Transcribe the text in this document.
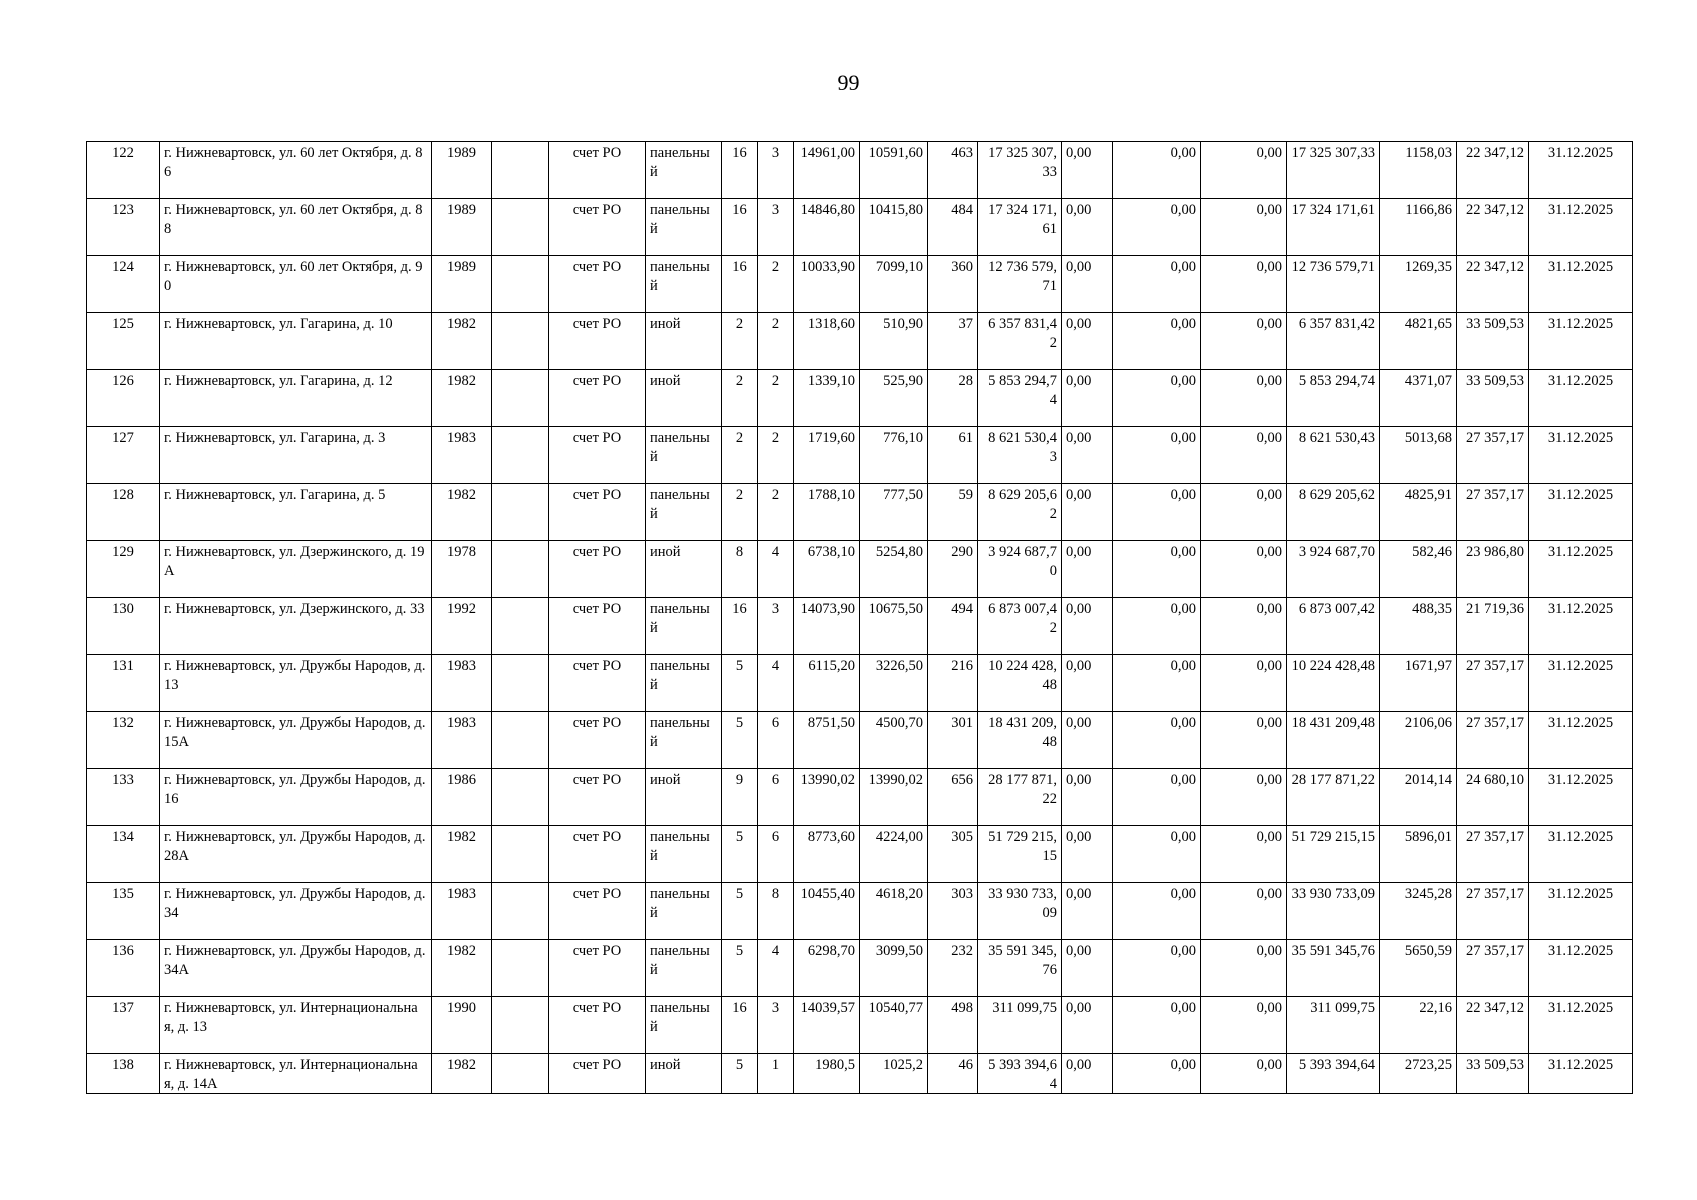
99
122	г. Нижневартовск, ул. 60 лет Октября, д. 86	1989		счет РО	панельный	16	3	14961,00	10591,60	463	17 325 307,33	0,00	0,00	0,00	17 325 307,33	1158,03	22 347,12	31.12.2025
123	г. Нижневартовск, ул. 60 лет Октября, д. 88	1989		счет РО	панельный	16	3	14846,80	10415,80	484	17 324 171,61	0,00	0,00	0,00	17 324 171,61	1166,86	22 347,12	31.12.2025
124	г. Нижневартовск, ул. 60 лет Октября, д. 90	1989		счет РО	панельный	16	2	10033,90	7099,10	360	12 736 579,71	0,00	0,00	0,00	12 736 579,71	1269,35	22 347,12	31.12.2025
125	г. Нижневартовск, ул. Гагарина, д. 10	1982		счет РО	иной	2	2	1318,60	510,90	37	6 357 831,42	0,00	0,00	0,00	6 357 831,42	4821,65	33 509,53	31.12.2025
126	г. Нижневартовск, ул. Гагарина, д. 12	1982		счет РО	иной	2	2	1339,10	525,90	28	5 853 294,74	0,00	0,00	0,00	5 853 294,74	4371,07	33 509,53	31.12.2025
127	г. Нижневартовск, ул. Гагарина, д. 3	1983		счет РО	панельный	2	2	1719,60	776,10	61	8 621 530,43	0,00	0,00	0,00	8 621 530,43	5013,68	27 357,17	31.12.2025
128	г. Нижневартовск, ул. Гагарина, д. 5	1982		счет РО	панельный	2	2	1788,10	777,50	59	8 629 205,62	0,00	0,00	0,00	8 629 205,62	4825,91	27 357,17	31.12.2025
129	г. Нижневартовск, ул. Дзержинского, д. 19А	1978		счет РО	иной	8	4	6738,10	5254,80	290	3 924 687,70	0,00	0,00	0,00	3 924 687,70	582,46	23 986,80	31.12.2025
130	г. Нижневартовск, ул. Дзержинского, д. 33	1992		счет РО	панельный	16	3	14073,90	10675,50	494	6 873 007,42	0,00	0,00	0,00	6 873 007,42	488,35	21 719,36	31.12.2025
131	г. Нижневартовск, ул. Дружбы Народов, д. 13	1983		счет РО	панельный	5	4	6115,20	3226,50	216	10 224 428,48	0,00	0,00	0,00	10 224 428,48	1671,97	27 357,17	31.12.2025
132	г. Нижневартовск, ул. Дружбы Народов, д. 15А	1983		счет РО	панельный	5	6	8751,50	4500,70	301	18 431 209,48	0,00	0,00	0,00	18 431 209,48	2106,06	27 357,17	31.12.2025
133	г. Нижневартовск, ул. Дружбы Народов, д. 16	1986		счет РО	иной	9	6	13990,02	13990,02	656	28 177 871,22	0,00	0,00	0,00	28 177 871,22	2014,14	24 680,10	31.12.2025
134	г. Нижневартовск, ул. Дружбы Народов, д. 28А	1982		счет РО	панельный	5	6	8773,60	4224,00	305	51 729 215,15	0,00	0,00	0,00	51 729 215,15	5896,01	27 357,17	31.12.2025
135	г. Нижневартовск, ул. Дружбы Народов, д. 34	1983		счет РО	панельный	5	8	10455,40	4618,20	303	33 930 733,09	0,00	0,00	0,00	33 930 733,09	3245,28	27 357,17	31.12.2025
136	г. Нижневартовск, ул. Дружбы Народов, д. 34А	1982		счет РО	панельный	5	4	6298,70	3099,50	232	35 591 345,76	0,00	0,00	0,00	35 591 345,76	5650,59	27 357,17	31.12.2025
137	г. Нижневартовск, ул. Интернациональная, д. 13	1990		счет РО	панельный	16	3	14039,57	10540,77	498	311 099,75	0,00	0,00	0,00	311 099,75	22,16	22 347,12	31.12.2025
138	г. Нижневартовск, ул. Интернациональная, д. 14А	1982		счет РО	иной	5	1	1980,5	1025,2	46	5 393 394,64	0,00	0,00	0,00	5 393 394,64	2723,25	33 509,53	31.12.2025
